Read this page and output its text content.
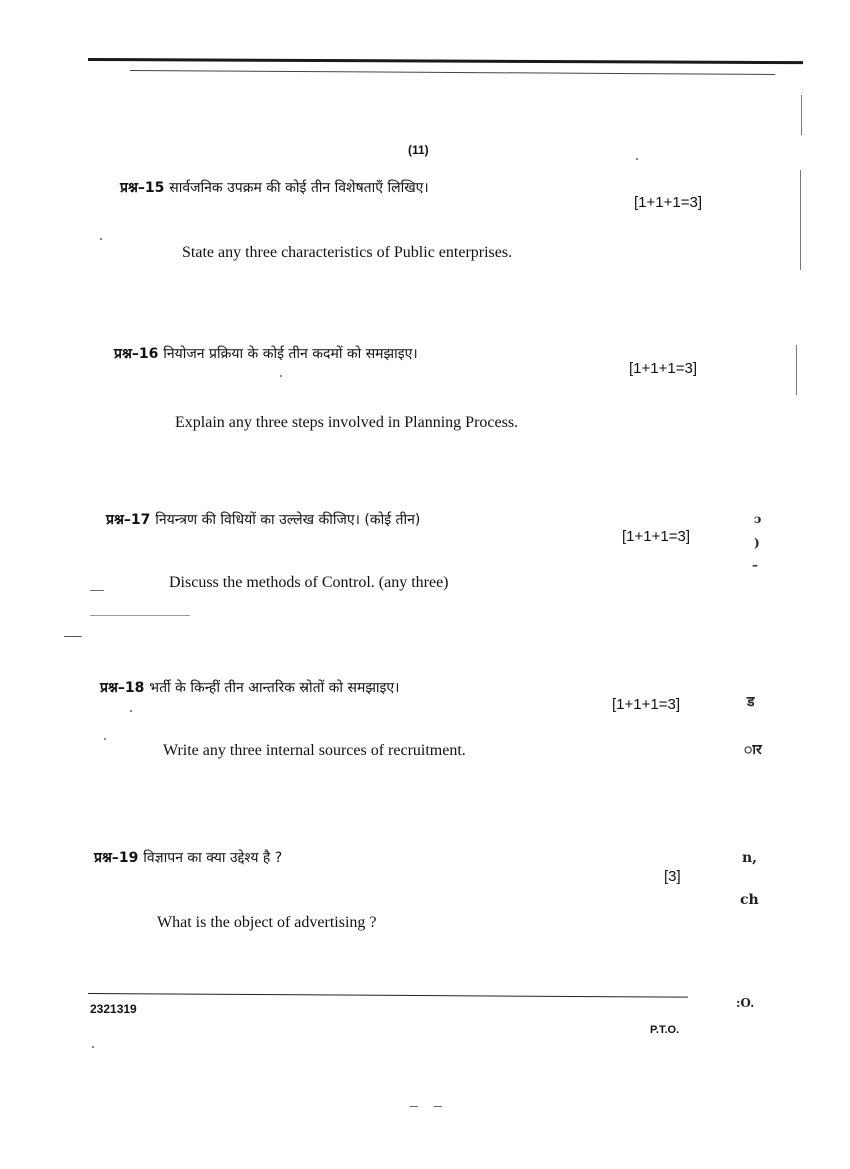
(11)
प्रश्न–15 सार्वजनिक उपक्रम की कोई तीन विशेषताएँ लिखिए।
[1+1+1=3]
State any three characteristics of Public enterprises.
प्रश्न–16 नियोजन प्रक्रिया के कोई तीन कदमों को समझाइए।
[1+1+1=3]
Explain any three steps involved in Planning Process.
प्रश्न–17 नियन्त्रण की विधियों का उल्लेख कीजिए। (कोई तीन)
[1+1+1=3]
Discuss the methods of Control. (any three)
प्रश्न–18 भर्ती के किन्हीं तीन आन्तरिक स्रोतों को समझाइए।
[1+1+1=3]
Write any three internal sources of recruitment.
प्रश्न–19 विज्ञापन का क्या उद्देश्य है ?
[3]
What is the object of advertising ?
2321319
P.T.O.
ɔ
)
–
ड
ार
n,
ch
:O.
